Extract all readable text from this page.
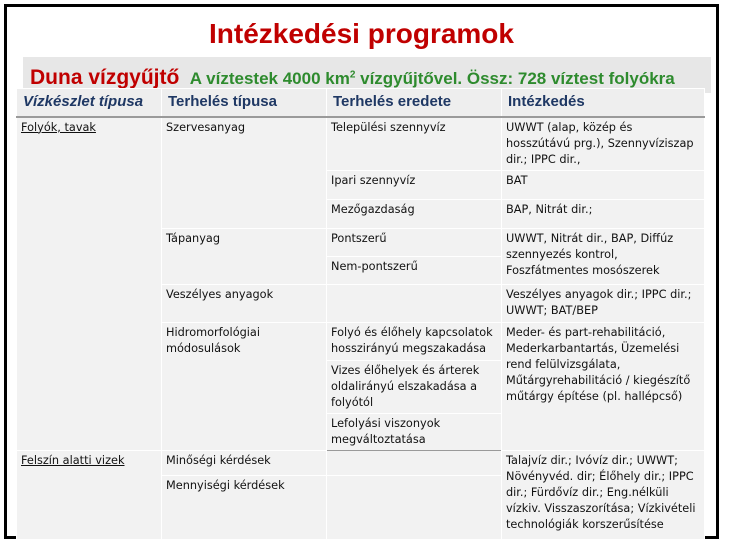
Intézkedési programok
Duna vízgyűjtő A víztestek 4000 $km^2$ vízgyűjtővel. Össz: 728 víztest folyókra
Vízkészlet típusa	Terhelés típusa	Terhelés eredete	Intézkedés
Folyók, tavak	Szervesanyag	Települési szennyvíz	UWWT (alap, közép és hosszútávú prg.), Szennyvíziszap dir.; IPPC dir.,
		Ipari szennyvíz	BAT
		Mezőgazdaság	BAP, Nitrát dir.;
	Tápanyag	Pontszerű	UWWT, Nitrát dir., BAP, Diffúz szennyezés kontrol, Foszfátmentes mosószerek
		Nem-pontszerű	
	Veszélyes anyagok		Veszélyes anyagok dir.; IPPC dir.; UWWT; BAT/BEP
	Hidromorfológiai módosulások	Folyó és élőhely kapcsolatok hosszirányú megszakadása	Meder- és part-rehabilitáció, Mederkarbantartás, Üzemelési rend felülvizsgálata, Műtárgyrehabilitáció / kiegészítő műtárgy építése (pl. hallépcső)
		Vizes élőhelyek és árterek oldalirányú elszakadása a folyótól	
		Lefolyási viszonyok megváltoztatása	
Felszín alatti vizek	Minőségi kérdések		Talajvíz dir.; Ivóvíz dir.; UWWT; Növényvéd. dir; Élőhely dir.; IPPC dir.; Fürdővíz dir.; Eng.nélküli vízkiv. Visszaszorítása; Vízkivételi technológiák korszerűsítése
	Mennyiségi kérdések		
